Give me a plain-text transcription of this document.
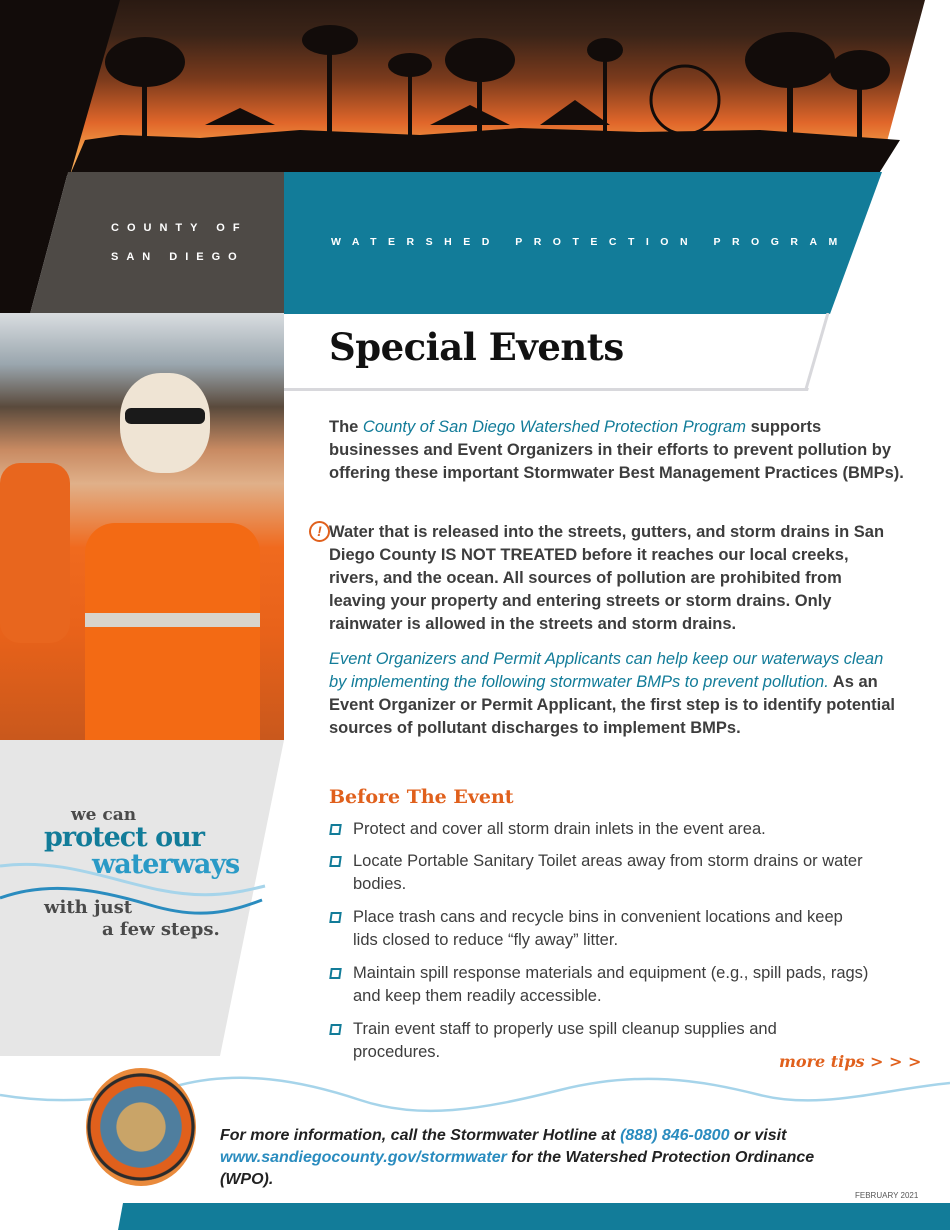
COUNTY OF
SAN DIEGO
WATERSHED PROTECTION PROGRAM
Special Events
The County of San Diego Watershed Protection Program supports businesses and Event Organizers in their efforts to prevent pollution by offering these important Stormwater Best Management Practices (BMPs).
! Water that is released into the streets, gutters, and storm drains in San Diego County IS NOT TREATED before it reaches our local creeks, rivers, and the ocean. All sources of pollution are prohibited from leaving your property and entering streets or storm drains. Only rainwater is allowed in the streets and storm drains.
Event Organizers and Permit Applicants can help keep our waterways clean by implementing the following stormwater BMPs to prevent pollution. As an Event Organizer or Permit Applicant, the first step is to identify potential sources of pollutant discharges to implement BMPs.
we can
protect our
waterways
with just
a few steps.
Before The Event
Protect and cover all storm drain inlets in the event area.
Locate Portable Sanitary Toilet areas away from storm drains or water bodies.
Place trash cans and recycle bins in convenient locations and keep lids closed to reduce “fly away” litter.
Maintain spill response materials and equipment (e.g., spill pads, rags) and keep them readily accessible.
Train event staff to properly use spill cleanup supplies and procedures.	more tips > > >
For more information, call the Stormwater Hotline at (888) 846-0800 or visit www.sandiegocounty.gov/stormwater for the Watershed Protection Ordinance (WPO).
FEBRUARY 2021
